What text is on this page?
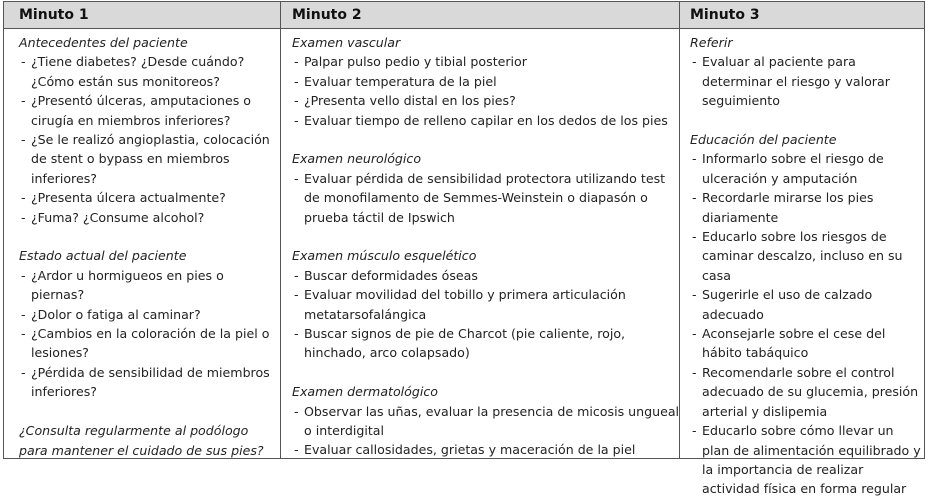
Minuto 1	Minuto 2	Minuto 3
Antecedentes del paciente
- ¿Tiene diabetes? ¿Desde cuándo? ¿Cómo están sus monitoreos?
- ¿Presentó úlceras, amputaciones o cirugía en miembros inferiores?
- ¿Se le realizó angioplastia, colocación de stent o bypass en miembros inferiores?
- ¿Presenta úlcera actualmente?
- ¿Fuma? ¿Consume alcohol?
Estado actual del paciente
- ¿Ardor u hormigueos en pies o piernas?
- ¿Dolor o fatiga al caminar?
- ¿Cambios en la coloración de la piel o lesiones?
- ¿Pérdida de sensibilidad de miembros inferiores?
¿Consulta regularmente al podólogo para mantener el cuidado de sus pies?
Examen vascular
- Palpar pulso pedio y tibial posterior
- Evaluar temperatura de la piel
- ¿Presenta vello distal en los pies?
- Evaluar tiempo de relleno capilar en los dedos de los pies
Examen neurológico
- Evaluar pérdida de sensibilidad protectora utilizando test de monofilamento de Semmes-Weinstein o diapasón o prueba táctil de Ipswich
Examen músculo esquelético
- Buscar deformidades óseas
- Evaluar movilidad del tobillo y primera articulación metatarsofalángica
- Buscar signos de pie de Charcot (pie caliente, rojo, hinchado, arco colapsado)
Examen dermatológico
- Observar las uñas, evaluar la presencia de micosis ungueal o interdigital
- Evaluar callosidades, grietas y maceración de la piel
Referir
- Evaluar al paciente para determinar el riesgo y valorar seguimiento
Educación del paciente
- Informarlo sobre el riesgo de ulceración y amputación
- Recordarle mirarse los pies diariamente
- Educarlo sobre los riesgos de caminar descalzo, incluso en su casa
- Sugerirle el uso de calzado adecuado
- Aconsejarle sobre el cese del hábito tabáquico
- Recomendarle sobre el control adecuado de su glucemia, presión arterial y dislipemia
- Educarlo sobre cómo llevar un plan de alimentación equilibrado y la importancia de realizar actividad física en forma regular
